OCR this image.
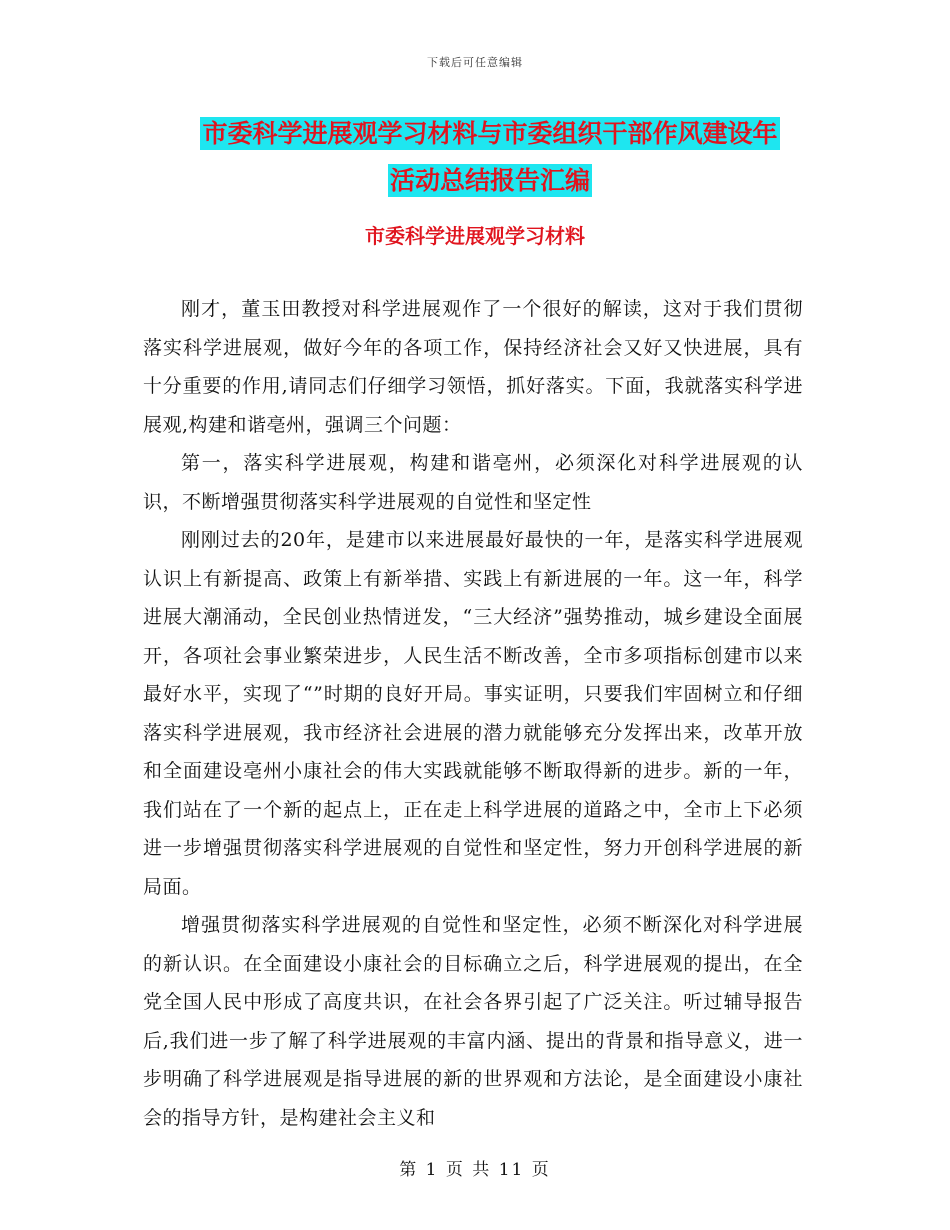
下载后可任意编辑
市委科学进展观学习材料与市委组织干部作风建设年
活动总结报告汇编
市委科学进展观学习材料

刚才，董玉田教授对科学进展观作了一个很好的解读，这对于我们贯彻落实科学进展观，做好今年的各项工作，保持经济社会又好又快进展，具有十分重要的作用,请同志们仔细学习领悟，抓好落实。下面，我就落实科学进展观,构建和谐亳州，强调三个问题：

第一，落实科学进展观，构建和谐亳州，必须深化对科学进展观的认识，不断增强贯彻落实科学进展观的自觉性和坚定性

刚刚过去的20年，是建市以来进展最好最快的一年，是落实科学进展观认识上有新提高、政策上有新举措、实践上有新进展的一年。这一年，科学进展大潮涌动，全民创业热情迸发，“三大经济”强势推动，城乡建设全面展开，各项社会事业繁荣进步，人民生活不断改善，全市多项指标创建市以来最好水平，实现了“”时期的良好开局。事实证明，只要我们牢固树立和仔细落实科学进展观，我市经济社会进展的潜力就能够充分发挥出来，改革开放和全面建设亳州小康社会的伟大实践就能够不断取得新的进步。新的一年，我们站在了一个新的起点上，正在走上科学进展的道路之中，全市上下必须进一步增强贯彻落实科学进展观的自觉性和坚定性，努力开创科学进展的新局面。

增强贯彻落实科学进展观的自觉性和坚定性，必须不断深化对科学进展的新认识。在全面建设小康社会的目标确立之后，科学进展观的提出，在全党全国人民中形成了高度共识，在社会各界引起了广泛关注。听过辅导报告后,我们进一步了解了科学进展观的丰富内涵、提出的背景和指导意义，进一步明确了科学进展观是指导进展的新的世界观和方法论，是全面建设小康社会的指导方针，是构建社会主义和

第 1 页 共 11 页
